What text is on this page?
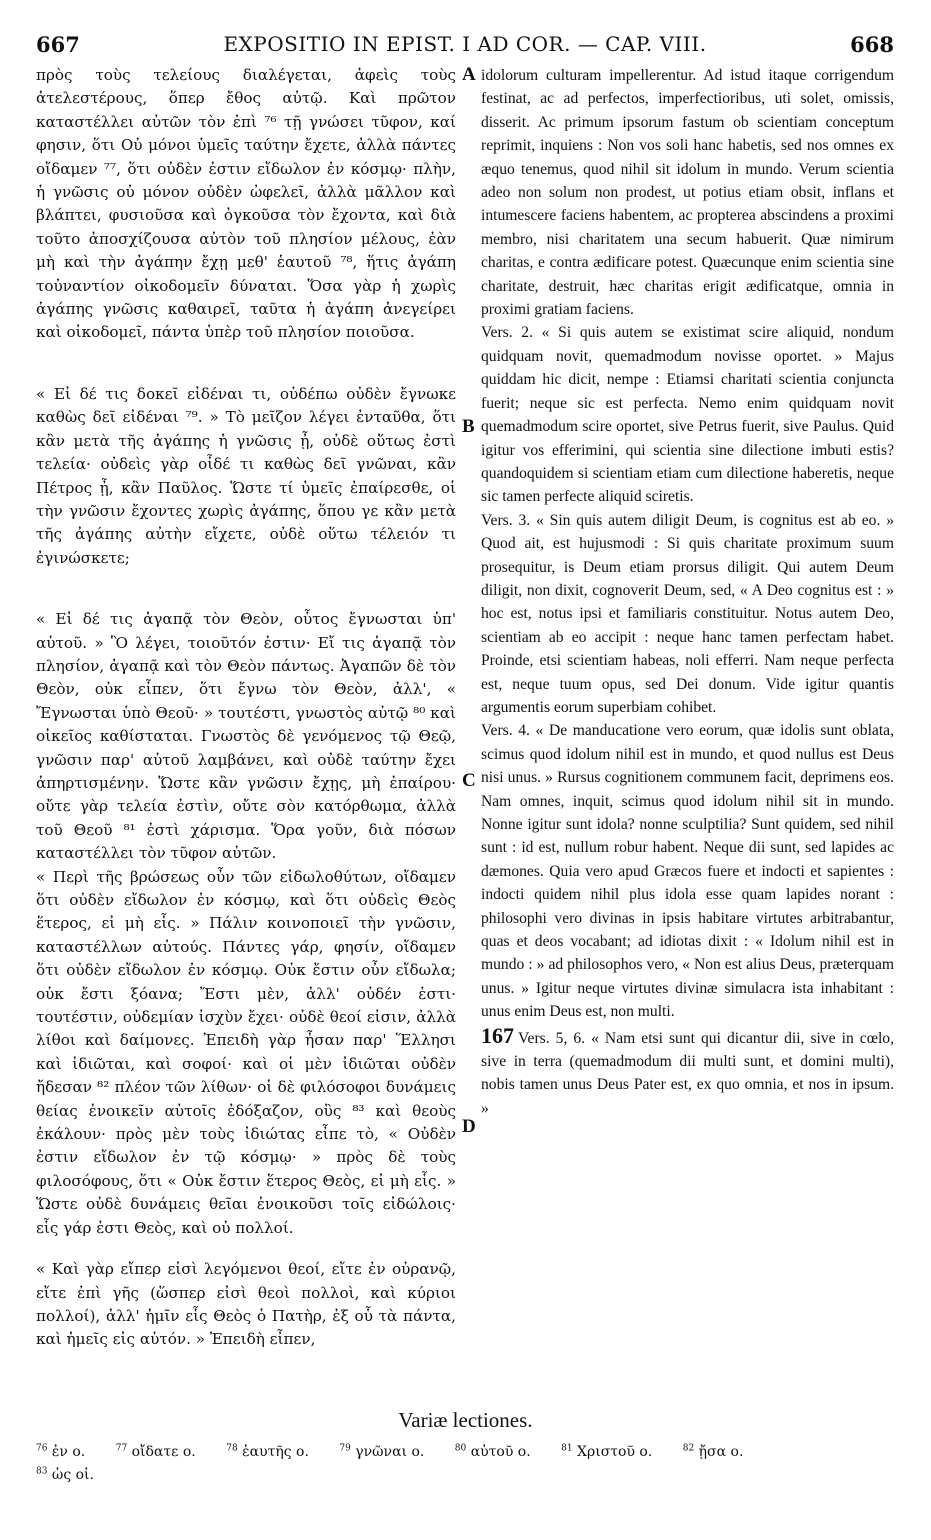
667	EXPOSITIO IN EPIST. I AD COR. — CAP. VIII.	668

πρὸς τοὺς τελείους διαλέγεται, ἀφεὶς τοὺς ἀτελεστέρους, ὅπερ ἔθος αὐτῷ. Καὶ πρῶτον καταστέλλει αὐτῶν τὸν ἐπὶ ⁷⁶ τῇ γνώσει τῦφον, καί φησιν, ὅτι Οὐ μόνοι ὑμεῖς ταύτην ἔχετε, ἀλλὰ πάντες οἴδαμεν ⁷⁷, ὅτι οὐδὲν ἐστιν εἴδωλον ἐν κόσμῳ· πλὴν, ἡ γνῶσις οὐ μόνον οὐδὲν ὠφελεῖ, ἀλλὰ μᾶλλον καὶ βλάπτει, φυσιοῦσα καὶ ὀγκοῦσα τὸν ἔχοντα, καὶ διὰ τοῦτο ἀποσχίζουσα αὐτὸν τοῦ πλησίον μέλους, ἐὰν μὴ καὶ τὴν ἀγάπην ἔχῃ μεθ' ἑαυτοῦ ⁷⁸, ἥτις ἀγάπη τοὐναντίον οἰκοδομεῖν δύναται. Ὅσα γὰρ ἡ χωρὶς ἀγάπης γνῶσις καθαιρεῖ, ταῦτα ἡ ἀγάπη ἀνεγείρει καὶ οἰκοδομεῖ, πάντα ὑπὲρ τοῦ πλησίον ποιοῦσα.

« Εἰ δέ τις δοκεῖ εἰδέναι τι, οὐδέπω οὐδὲν ἔγνωκε καθὼς δεῖ εἰδέναι ⁷⁹. » Τὸ μεῖζον λέγει ἐνταῦθα, ὅτι κἂν μετὰ τῆς ἀγάπης ἡ γνῶσις ᾖ, οὐδὲ οὕτως ἐστὶ τελεία· οὐδεὶς γὰρ οἶδέ τι καθὼς δεῖ γνῶναι, κἂν Πέτρος ᾖ, κἂν Παῦλος. Ὥστε τί ὑμεῖς ἐπαίρεσθε, οἱ τὴν γνῶσιν ἔχοντες χωρὶς ἀγάπης, ὅπου γε κἂν μετὰ τῆς ἀγάπης αὐτὴν εἴχετε, οὐδὲ οὕτω τέλειόν τι ἐγινώσκετε;

« Εἰ δέ τις ἀγαπᾷ τὸν Θεὸν, οὗτος ἔγνωσται ὑπ' αὐτοῦ. » Ὃ λέγει, τοιοῦτόν ἐστιν· Εἴ τις ἀγαπᾷ τὸν πλησίον, ἀγαπᾷ καὶ τὸν Θεὸν πάντως. Ἀγαπῶν δὲ τὸν Θεὸν, οὐκ εἶπεν, ὅτι ἔγνω τὸν Θεὸν, ἀλλ', « Ἔγνωσται ὑπὸ Θεοῦ· » τουτέστι, γνωστὸς αὐτῷ ⁸⁰ καὶ οἰκεῖος καθίσταται. Γνωστὸς δὲ γενόμενος τῷ Θεῷ, γνῶσιν παρ' αὐτοῦ λαμβάνει, καὶ οὐδὲ ταύτην ἔχει ἀπηρτισμένην. Ὥστε κἂν γνῶσιν ἔχῃς, μὴ ἐπαίρου· οὔτε γὰρ τελεία ἐστὶν, οὔτε σὸν κατόρθωμα, ἀλλὰ τοῦ Θεοῦ ⁸¹ ἐστὶ χάρισμα. Ὅρα γοῦν, διὰ πόσων καταστέλλει τὸν τῦφον αὐτῶν.

« Περὶ τῆς βρώσεως οὖν τῶν εἰδωλοθύτων, οἴδαμεν ὅτι οὐδὲν εἴδωλον ἐν κόσμῳ, καὶ ὅτι οὐδεὶς Θεὸς ἕτερος, εἰ μὴ εἷς. » Πάλιν κοινοποιεῖ τὴν γνῶσιν, καταστέλλων αὐτούς. Πάντες γάρ, φησίν, οἴδαμεν ὅτι οὐδὲν εἴδωλον ἐν κόσμῳ. Οὐκ ἔστιν οὖν εἴδωλα; οὐκ ἔστι ξόανα; Ἔστι μὲν, ἀλλ' οὐδέν ἐστι· τουτέστιν, οὐδεμίαν ἰσχὺν ἔχει· οὐδὲ θεοί εἰσιν, ἀλλὰ λίθοι καὶ δαίμονες. Ἐπειδὴ γὰρ ἦσαν παρ' Ἕλλησι καὶ ἰδιῶται, καὶ σοφοί· καὶ οἱ μὲν ἰδιῶται οὐδὲν ἤδεσαν ⁸² πλέον τῶν λίθων· οἱ δὲ φιλόσοφοι δυνάμεις θείας ἐνοικεῖν αὐτοῖς ἐδόξαζον, οὓς ⁸³ καὶ θεοὺς ἐκάλουν· πρὸς μὲν τοὺς ἰδιώτας εἶπε τὸ, « Οὐδὲν ἐστιν εἴδωλον ἐν τῷ κόσμῳ· » πρὸς δὲ τοὺς φιλοσόφους, ὅτι « Οὐκ ἔστιν ἕτερος Θεὸς, εἰ μὴ εἷς. » Ὥστε οὐδὲ δυνάμεις θεῖαι ἐνοικοῦσι τοῖς εἰδώλοις· εἷς γάρ ἐστι Θεὸς, καὶ οὐ πολλοί.

« Καὶ γὰρ εἴπερ εἰσὶ λεγόμενοι θεοί, εἴτε ἐν οὐρανῷ, εἴτε ἐπὶ γῆς (ὥσπερ εἰσὶ θεοὶ πολλοὶ, καὶ κύριοι πολλοί), ἀλλ' ἡμῖν εἷς Θεὸς ὁ Πατὴρ, ἐξ οὗ τὰ πάντα, καὶ ἡμεῖς εἰς αὐτόν. » Ἐπειδὴ εἶπεν,

A
B
C
D

idolorum culturam impellerentur. Ad istud itaque corrigendum festinat, ac ad perfectos, imperfectioribus, uti solet, omissis, disserit. Ac primum ipsorum fastum ob scientiam conceptum reprimit, inquiens : Non vos soli hanc habetis, sed nos omnes ex æquo tenemus, quod nihil sit idolum in mundo. Verum scientia adeo non solum non prodest, ut potius etiam obsit, inflans et intumescere faciens habentem, ac propterea abscindens a proximi membro, nisi charitatem una secum habuerit. Quæ nimirum charitas, e contra ædificare potest. Quæcunque enim scientia sine charitate, destruit, hæc charitas erigit ædificatque, omnia in proximi gratiam faciens.

Vers. 2. « Si quis autem se existimat scire aliquid, nondum quidquam novit, quemadmodum novisse oportet. » Majus quiddam hic dicit, nempe : Etiamsi charitati scientia conjuncta fuerit; neque sic est perfecta. Nemo enim quidquam novit quemadmodum scire oportet, sive Petrus fuerit, sive Paulus. Quid igitur vos efferimini, qui scientia sine dilectione imbuti estis? quandoquidem si scientiam etiam cum dilectione haberetis, neque sic tamen perfecte aliquid sciretis.

Vers. 3. « Sin quis autem diligit Deum, is cognitus est ab eo. » Quod ait, est hujusmodi : Si quis charitate proximum suum prosequitur, is Deum etiam prorsus diligit. Qui autem Deum diligit, non dixit, cognoverit Deum, sed, « A Deo cognitus est : » hoc est, notus ipsi et familiaris constituitur. Notus autem Deo, scientiam ab eo accipit : neque hanc tamen perfectam habet. Proinde, etsi scientiam habeas, noli efferri. Nam neque perfecta est, neque tuum opus, sed Dei donum. Vide igitur quantis argumentis eorum superbiam cohibet.

Vers. 4. « De manducatione vero eorum, quæ idolis sunt oblata, scimus quod idolum nihil est in mundo, et quod nullus est Deus nisi unus. » Rursus cognitionem communem facit, deprimens eos. Nam omnes, inquit, scimus quod idolum nihil sit in mundo. Nonne igitur sunt idola? nonne sculptilia? Sunt quidem, sed nihil sunt : id est, nullum robur habent. Neque dii sunt, sed lapides ac dæmones. Quia vero apud Græcos fuere et indocti et sapientes : indocti quidem nihil plus idola esse quam lapides norant : philosophi vero divinas in ipsis habitare virtutes arbitrabantur, quas et deos vocabant; ad idiotas dixit : « Idolum nihil est in mundo : » ad philosophos vero, « Non est alius Deus, præterquam unus. » Igitur neque virtutes divinæ simulacra ista inhabitant : unus enim Deus est, non multi.

167 Vers. 5, 6. « Nam etsi sunt qui dicantur dii, sive in cœlo, sive in terra (quemadmodum dii multi sunt, et domini multi), nobis tamen unus Deus Pater est, ex quo omnia, et nos in ipsum. »

Variæ lectiones.
$^{76}$ ἐν ο.	$^{77}$ οἴδατε ο.	$^{78}$ ἑαυτῆς ο.	$^{79}$ γνῶναι ο.	$^{80}$ αὐτοῦ ο.	$^{81}$ Χριστοῦ ο.	$^{82}$ ᾔσα ο.
$^{83}$ ὡς οἱ.
